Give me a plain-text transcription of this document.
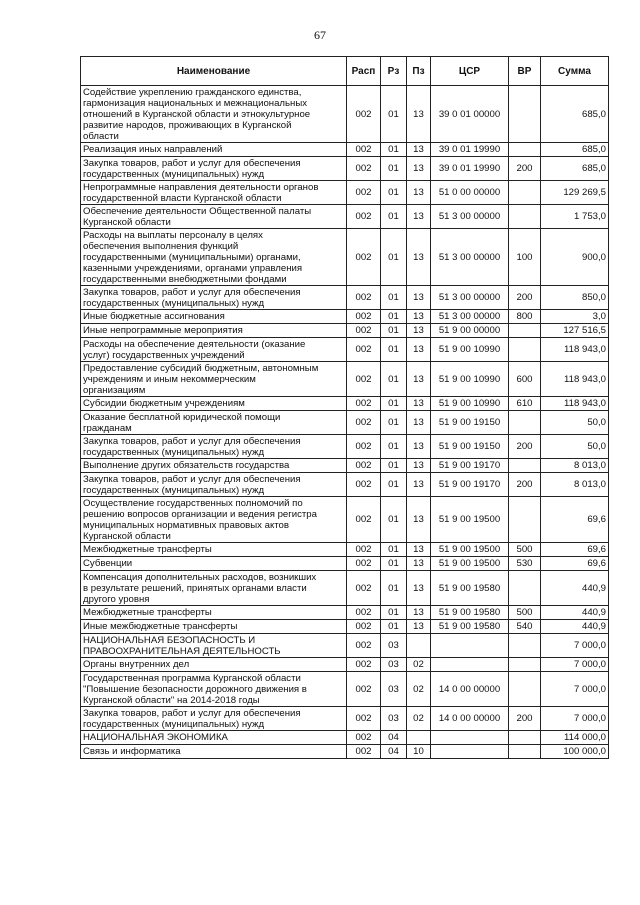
67
Наименование	Расп	Рз	Пз	ЦСР	ВР	Сумма

Содействие укреплению гражданского единства,
гармонизация национальных и межнациональных
отношений в Курганской области и этнокультурное
развитие народов, проживающих в Курганской
области	002	01	13	39 0 01 00000		685,0

Реализация иных направлений	002	01	13	39 0 01 19990		685,0

Закупка товаров, работ и услуг для обеспечения
государственных (муниципальных) нужд	002	01	13	39 0 01 19990	200	685,0

Непрограммные направления деятельности органов
государственной власти Курганской области	002	01	13	51 0 00 00000		129 269,5

Обеспечение деятельности Общественной палаты
Курганской области	002	01	13	51 3 00 00000		1 753,0

Расходы на выплаты персоналу в целях
обеспечения выполнения функций
государственными (муниципальными) органами,
казенными учреждениями, органами управления
государственными внебюджетными фондами	002	01	13	51 3 00 00000	100	900,0

Закупка товаров, работ и услуг для обеспечения
государственных (муниципальных) нужд	002	01	13	51 3 00 00000	200	850,0

Иные бюджетные ассигнования	002	01	13	51 3 00 00000	800	3,0

Иные непрограммные мероприятия	002	01	13	51 9 00 00000		127 516,5

Расходы на обеспечение деятельности (оказание
услуг) государственных учреждений	002	01	13	51 9 00 10990		118 943,0

Предоставление субсидий бюджетным, автономным
учреждениям и иным некоммерческим
организациям	002	01	13	51 9 00 10990	600	118 943,0

Субсидии бюджетным учреждениям	002	01	13	51 9 00 10990	610	118 943,0

Оказание бесплатной юридической помощи
гражданам	002	01	13	51 9 00 19150		50,0

Закупка товаров, работ и услуг для обеспечения
государственных (муниципальных) нужд	002	01	13	51 9 00 19150	200	50,0

Выполнение других обязательств государства	002	01	13	51 9 00 19170		8 013,0

Закупка товаров, работ и услуг для обеспечения
государственных (муниципальных) нужд	002	01	13	51 9 00 19170	200	8 013,0

Осуществление государственных полномочий по
решению вопросов организации и ведения регистра
муниципальных нормативных правовых актов
Курганской области	002	01	13	51 9 00 19500		69,6

Межбюджетные трансферты	002	01	13	51 9 00 19500	500	69,6

Субвенции	002	01	13	51 9 00 19500	530	69,6

Компенсация дополнительных расходов, возникших
в результате решений, принятых органами власти
другого уровня	002	01	13	51 9 00 19580		440,9

Межбюджетные трансферты	002	01	13	51 9 00 19580	500	440,9

Иные межбюджетные трансферты	002	01	13	51 9 00 19580	540	440,9

НАЦИОНАЛЬНАЯ БЕЗОПАСНОСТЬ И
ПРАВООХРАНИТЕЛЬНАЯ ДЕЯТЕЛЬНОСТЬ	002	03				7 000,0

Органы внутренних дел	002	03	02			7 000,0

Государственная программа Курганской области
"Повышение безопасности дорожного движения в
Курганской области" на 2014-2018 годы	002	03	02	14 0 00 00000		7 000,0

Закупка товаров, работ и услуг для обеспечения
государственных (муниципальных) нужд	002	03	02	14 0 00 00000	200	7 000,0

НАЦИОНАЛЬНАЯ ЭКОНОМИКА	002	04				114 000,0

Связь и информатика	002	04	10			100 000,0
